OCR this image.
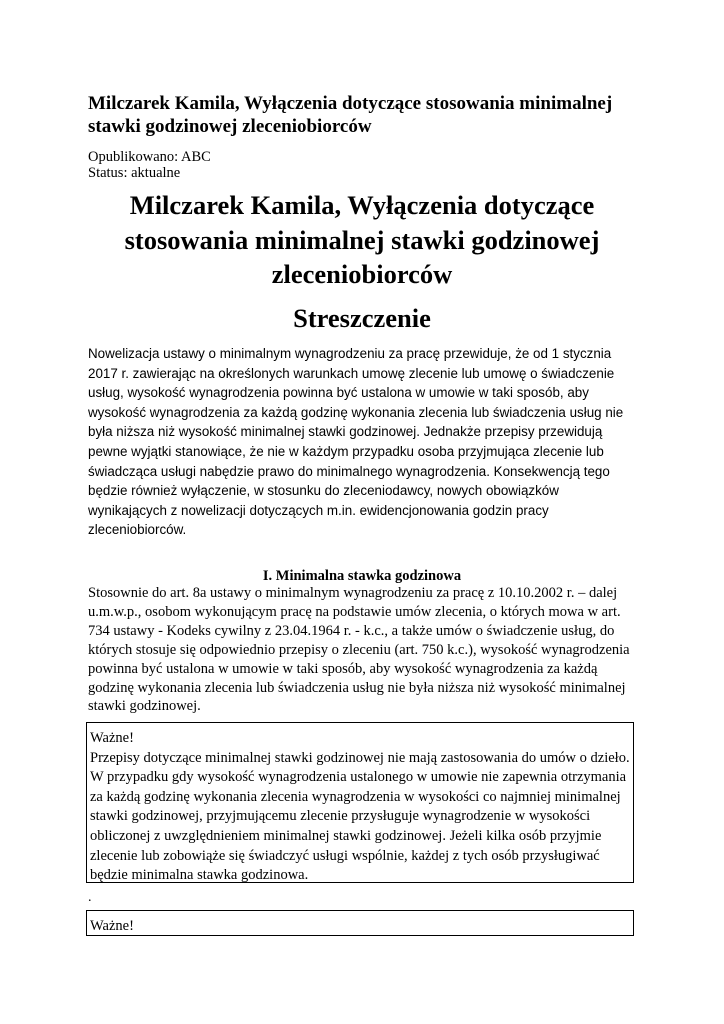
Milczarek Kamila, Wyłączenia dotyczące stosowania minimalnej stawki godzinowej zleceniobiorców
Opublikowano: ABC
Status: aktualne
Milczarek Kamila, Wyłączenia dotyczące stosowania minimalnej stawki godzinowej zleceniobiorców
Streszczenie

Nowelizacja ustawy o minimalnym wynagrodzeniu za pracę przewiduje, że od 1 stycznia 2017 r. zawierając na określonych warunkach umowę zlecenie lub umowę o świadczenie usług, wysokość wynagrodzenia powinna być ustalona w umowie w taki sposób, aby wysokość wynagrodzenia za każdą godzinę wykonania zlecenia lub świadczenia usług nie była niższa niż wysokość minimalnej stawki godzinowej. Jednakże przepisy przewidują pewne wyjątki stanowiące, że nie w każdym przypadku osoba przyjmująca zlecenie lub świadcząca usługi nabędzie prawo do minimalnego wynagrodzenia. Konsekwencją tego będzie również wyłączenie, w stosunku do zleceniodawcy, nowych obowiązków wynikających z nowelizacji dotyczących m.in. ewidencjonowania godzin pracy zleceniobiorców.

I. Minimalna stawka godzinowa

Stosownie do art. 8a ustawy o minimalnym wynagrodzeniu za pracę z 10.10.2002 r. – dalej u.m.w.p., osobom wykonującym pracę na podstawie umów zlecenia, o których mowa w art. 734 ustawy - Kodeks cywilny z 23.04.1964 r. - k.c., a także umów o świadczenie usług, do których stosuje się odpowiednio przepisy o zleceniu (art. 750 k.c.), wysokość wynagrodzenia powinna być ustalona w umowie w taki sposób, aby wysokość wynagrodzenia za każdą godzinę wykonania zlecenia lub świadczenia usług nie była niższa niż wysokość minimalnej stawki godzinowej.

Ważne!

Przepisy dotyczące minimalnej stawki godzinowej nie mają zastosowania do umów o dzieło. W przypadku gdy wysokość wynagrodzenia ustalonego w umowie nie zapewnia otrzymania za każdą godzinę wykonania zlecenia wynagrodzenia w wysokości co najmniej minimalnej stawki godzinowej, przyjmującemu zlecenie przysługuje wynagrodzenie w wysokości obliczonej z uwzględnieniem minimalnej stawki godzinowej. Jeżeli kilka osób przyjmie zlecenie lub zobowiąże się świadczyć usługi wspólnie, każdej z tych osób przysługiwać będzie minimalna stawka godzinowa.

.

Ważne!
